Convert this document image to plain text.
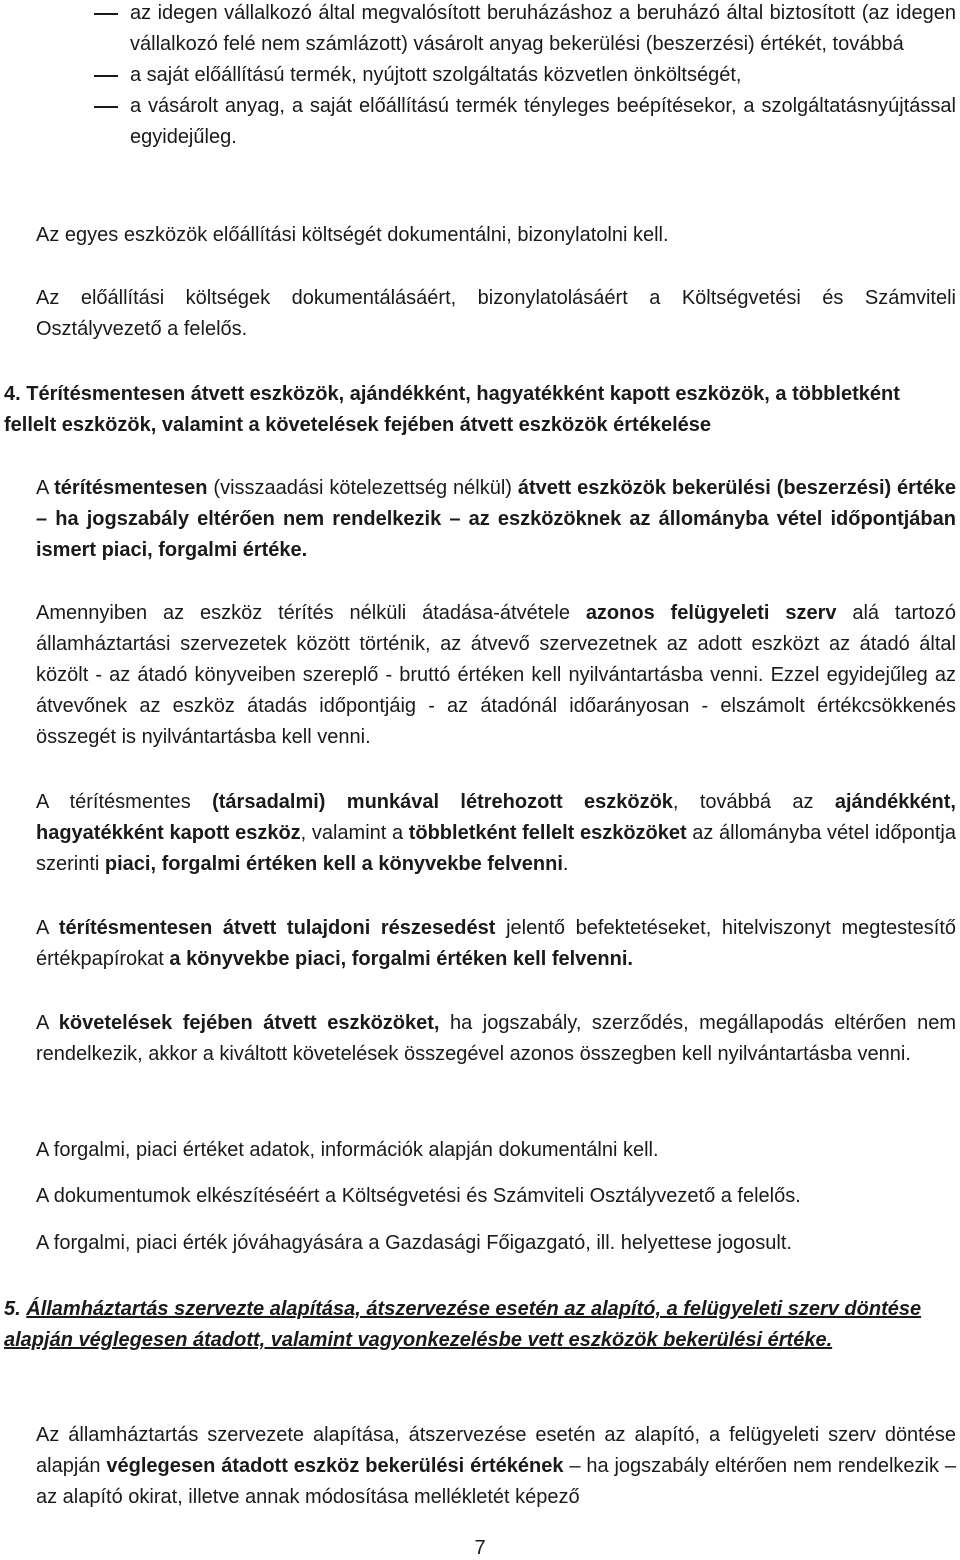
az idegen vállalkozó által megvalósított beruházáshoz a beruházó által biztosított (az idegen vállalkozó felé nem számlázott) vásárolt anyag bekerülési (beszerzési) értékét, továbbá
a saját előállítású termék, nyújtott szolgáltatás közvetlen önköltségét,
a vásárolt anyag, a saját előállítású termék tényleges beépítésekor, a szolgáltatásnyújtással egyidejűleg.
Az egyes eszközök előállítási költségét dokumentálni, bizonylatolni kell.
Az előállítási költségek dokumentálásáért, bizonylatolásáért a Költségvetési és Számviteli Osztályvezető a felelős.
4. Térítésmentesen átvett eszközök, ajándékként, hagyatékként kapott eszközök, a többletként fellelt eszközök, valamint a követelések fejében átvett eszközök értékelése
A térítésmentesen (visszaadási kötelezettség nélkül) átvett eszközök bekerülési (beszerzési) értéke – ha jogszabály eltérően nem rendelkezik – az eszközöknek az állományba vétel időpontjában ismert piaci, forgalmi értéke.
Amennyiben az eszköz térítés nélküli átadása-átvétele azonos felügyeleti szerv alá tartozó államháztartási szervezetek között történik, az átvevő szervezetnek az adott eszközt az átadó által közölt - az átadó könyveiben szereplő - bruttó értéken kell nyilvántartásba venni. Ezzel egyidejűleg az átvevőnek az eszköz átadás időpontjáig - az átadónál időarányosan - elszámolt értékcsökkenés összegét is nyilvántartásba kell venni.
A térítésmentes (társadalmi) munkával létrehozott eszközök, továbbá az ajándékként, hagyatékként kapott eszköz, valamint a többletként fellelt eszközöket az állományba vétel időpontja szerinti piaci, forgalmi értéken kell a könyvekbe felvenni.
A térítésmentesen átvett tulajdoni részesedést jelentő befektetéseket, hitelviszonyt megtestesítő értékpapírokat a könyvekbe piaci, forgalmi értéken kell felvenni.
A követelések fejében átvett eszközöket, ha jogszabály, szerződés, megállapodás eltérően nem rendelkezik, akkor a kiváltott követelések összegével azonos összegben kell nyilvántartásba venni.
A forgalmi, piaci értéket adatok, információk alapján dokumentálni kell.
A dokumentumok elkészítéséért a Költségvetési és Számviteli Osztályvezető a felelős.
A forgalmi, piaci érték jóváhagyására a Gazdasági Főigazgató, ill. helyettese jogosult.
5. Államháztartás szervezte alapítása, átszervezése esetén az alapító, a felügyeleti szerv döntése alapján véglegesen átadott, valamint vagyonkezelésbe vett eszközök bekerülési értéke.
Az államháztartás szervezete alapítása, átszervezése esetén az alapító, a felügyeleti szerv döntése alapján véglegesen átadott eszköz bekerülési értékének – ha jogszabály eltérően nem rendelkezik – az alapító okirat, illetve annak módosítása mellékletét képező
7
